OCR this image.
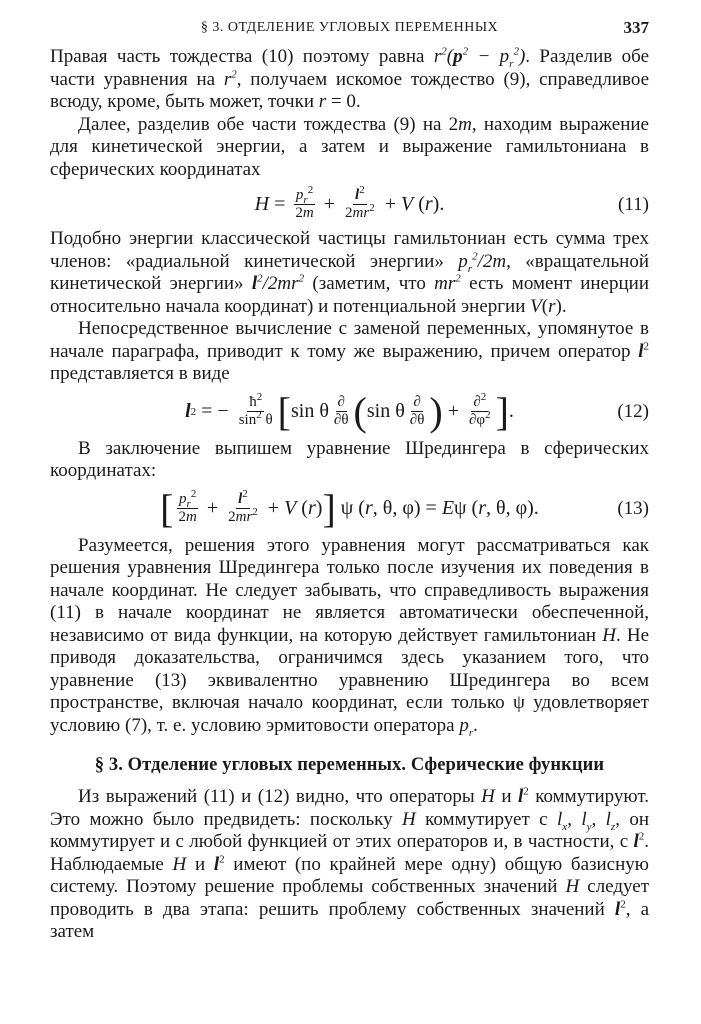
§ 3. ОТДЕЛЕНИЕ УГЛОВЫХ ПЕРЕМЕННЫХ	337

Правая часть тождества (10) поэтому равна $r^2(p^2 - p_r^2)$. Разделив обе части уравнения на $r^2$, получаем искомое тождество (9), справедливое всюду, кроме, быть может, точки r = 0.

Далее, разделив обе части тождества (9) на 2m, находим выражение для кинетической энергии, а затем и выражение гамильтониана в сферических координатах

$H = \frac{p_r^2}{2m} + \frac{l^2}{2mr^2} + V$ ( r ).	(11)

Подобно энергии классической частицы гамильтониан есть сумма трех членов: «радиальной кинетической энергии» $p_r^2/2m$, «вращательной кинетической энергии» $l^2/2mr^2$ (заметим, что $mr^2$ есть момент инерции относительно начала координат) и потенциальной энергии V(r).

Непосредственное вычисление с заменой переменных, упомянутое в начале параграфа, приводит к тому же выражению, причем оператор $l^2$ представляется в виде

l 2 = − $\frac{ħ^2}{\sin^2 \theta}$ [ sin θ $\frac{\partial}{\partial\theta}$ ( sin θ $\frac{\partial}{\partial\theta}$ ) + $\frac{\partial^2}{\partial\varphi^2}$ ] .	(12)

В заключение выпишем уравнение Шредингера в сферических координатах:

[ $\frac{p_r^2}{2m} + \frac{l^2}{2mr^2} + V$ ( r ) ] ψ ( r , θ, φ) = E ψ ( r , θ, φ).	(13)

Разумеется, решения этого уравнения могут рассматриваться как решения уравнения Шредингера только после изучения их поведения в начале координат. Не следует забывать, что справедливость выражения (11) в начале координат не является автоматически обеспеченной, независимо от вида функции, на которую действует гамильтониан H. Не приводя доказательства, ограничимся здесь указанием того, что уравнение (13) эквивалентно уравнению Шредингера во всем пространстве, включая начало координат, если только ψ удовлетворяет условию (7), т. е. условию эрмитовости оператора $p_r$.

§ 3. Отделение угловых переменных. Сферические функции

Из выражений (11) и (12) видно, что операторы H и $l^2$ коммутируют. Это можно было предвидеть: поскольку H коммутирует с $l_x$, $l_y$, $l_z$, он коммутирует и с любой функцией от этих операторов и, в частности, с $l^2$. Наблюдаемые H и $l^2$ имеют (по крайней мере одну) общую базисную систему. Поэтому решение проблемы собственных значений H следует проводить в два этапа: решить проблему собственных значений $l^2$, а затем
